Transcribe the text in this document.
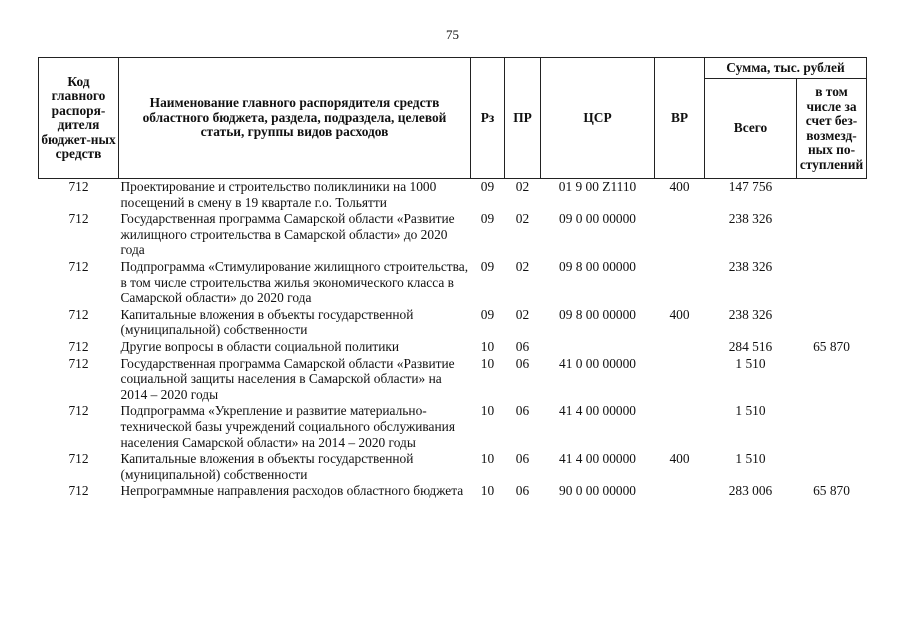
75
Код главного распоря-дителя бюджет-ных средств	Наименование главного распорядителя средств областного бюджета, раздела, подраздела, целевой статьи, группы видов расходов	Рз	ПР	ЦСР	ВР	Сумма, тыс. рублей	
						Всего	в том числе за счет без-возмезд-ных по-ступлений
712	Проектирование и строительство поликлиники на 1000 посещений в смену в 19 квартале г.о. Тольятти	09	02	01 9 00 Z1110	400	147 756	
712	Государственная программа Самарской области «Развитие жилищного строительства в Самарской области» до 2020 года	09	02	09 0 00 00000		238 326	
712	Подпрограмма «Стимулирование жилищного строительства, в том числе строительства жилья экономического класса в Самарской области» до 2020 года	09	02	09 8 00 00000		238 326	
712	Капитальные вложения в объекты государственной (муниципальной) собственности	09	02	09 8 00 00000	400	238 326	
712	Другие вопросы в области социальной политики	10	06			284 516	65 870
712	Государственная программа Самарской области «Развитие социальной защиты населения в Самарской области» на 2014 – 2020 годы	10	06	41 0 00 00000		1 510	
712	Подпрограмма «Укрепление и развитие материально-технической базы учреждений социального обслуживания населения Самарской области» на 2014 – 2020 годы	10	06	41 4 00 00000		1 510	
712	Капитальные вложения в объекты государственной (муниципальной) собственности	10	06	41 4 00 00000	400	1 510	
712	Непрограммные направления расходов областного бюджета	10	06	90 0 00 00000		283 006	65 870
